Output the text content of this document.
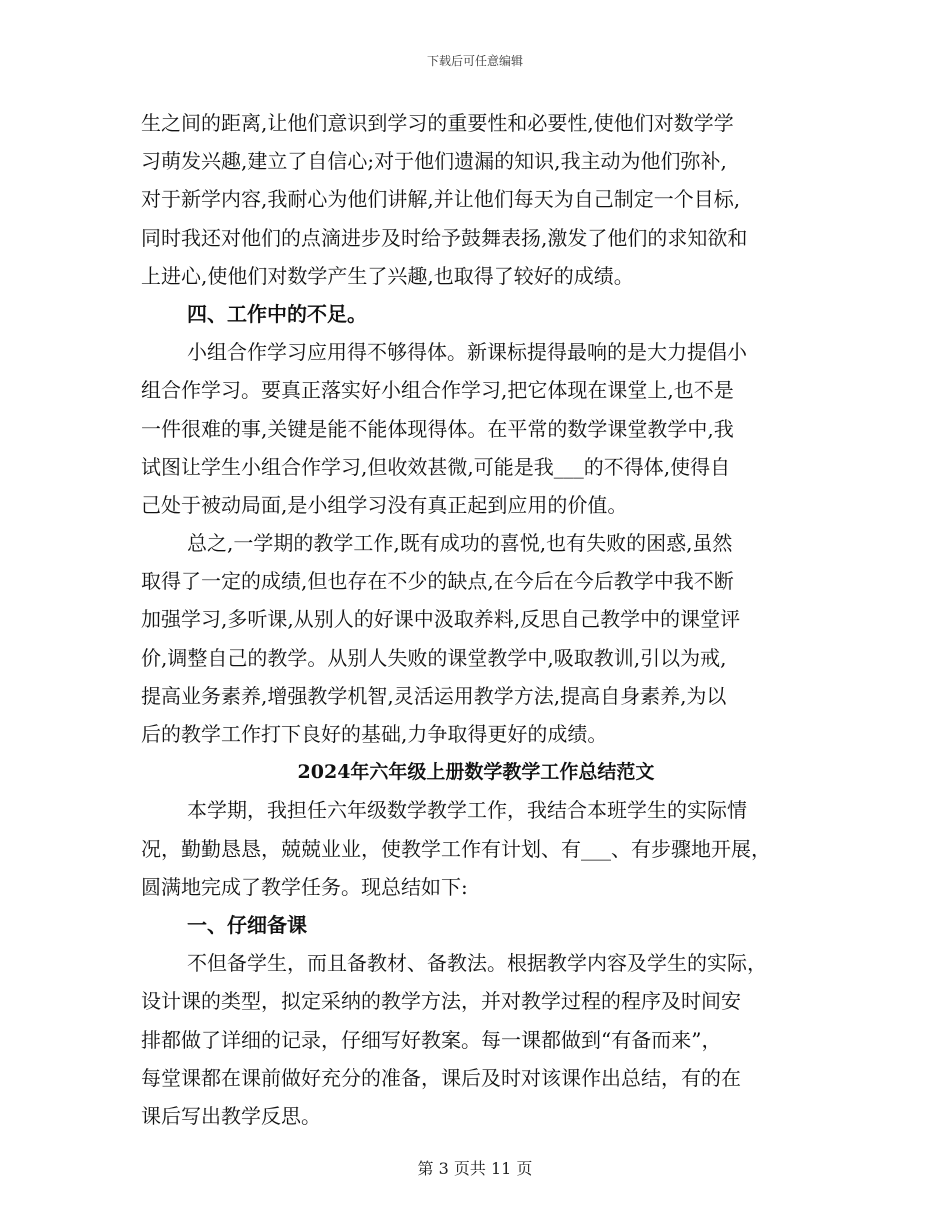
下载后可任意编辑
生之间的距离,让他们意识到学习的重要性和必要性,使他们对数学学
习萌发兴趣,建立了自信心;对于他们遗漏的知识,我主动为他们弥补,
对于新学内容,我耐心为他们讲解,并让他们每天为自己制定一个目标,
同时我还对他们的点滴进步及时给予鼓舞表扬,激发了他们的求知欲和
上进心,使他们对数学产生了兴趣,也取得了较好的成绩。
四、工作中的不足。
小组合作学习应用得不够得体。新课标提得最响的是大力提倡小
组合作学习。要真正落实好小组合作学习,把它体现在课堂上,也不是
一件很难的事,关键是能不能体现得体。在平常的数学课堂教学中,我
试图让学生小组合作学习,但收效甚微,可能是我___的不得体,使得自
己处于被动局面,是小组学习没有真正起到应用的价值。
总之,一学期的教学工作,既有成功的喜悦,也有失败的困惑,虽然
取得了一定的成绩,但也存在不少的缺点,在今后在今后教学中我不断
加强学习,多听课,从别人的好课中汲取养料,反思自己教学中的课堂评
价,调整自己的教学。从别人失败的课堂教学中,吸取教训,引以为戒,
提高业务素养,增强教学机智,灵活运用教学方法,提高自身素养,为以
后的教学工作打下良好的基础,力争取得更好的成绩。
2024年六年级上册数学教学工作总结范文
本学期，我担任六年级数学教学工作，我结合本班学生的实际情
况，勤勤恳恳，兢兢业业，使教学工作有计划、有___、有步骤地开展，
圆满地完成了教学任务。现总结如下:
一、仔细备课
不但备学生，而且备教材、备教法。根据教学内容及学生的实际，
设计课的类型，拟定采纳的教学方法，并对教学过程的程序及时间安
排都做了详细的记录，仔细写好教案。每一课都做到“有备而来”，
每堂课都在课前做好充分的准备，课后及时对该课作出总结，有的在
课后写出教学反思。
第 3 页共 11 页
